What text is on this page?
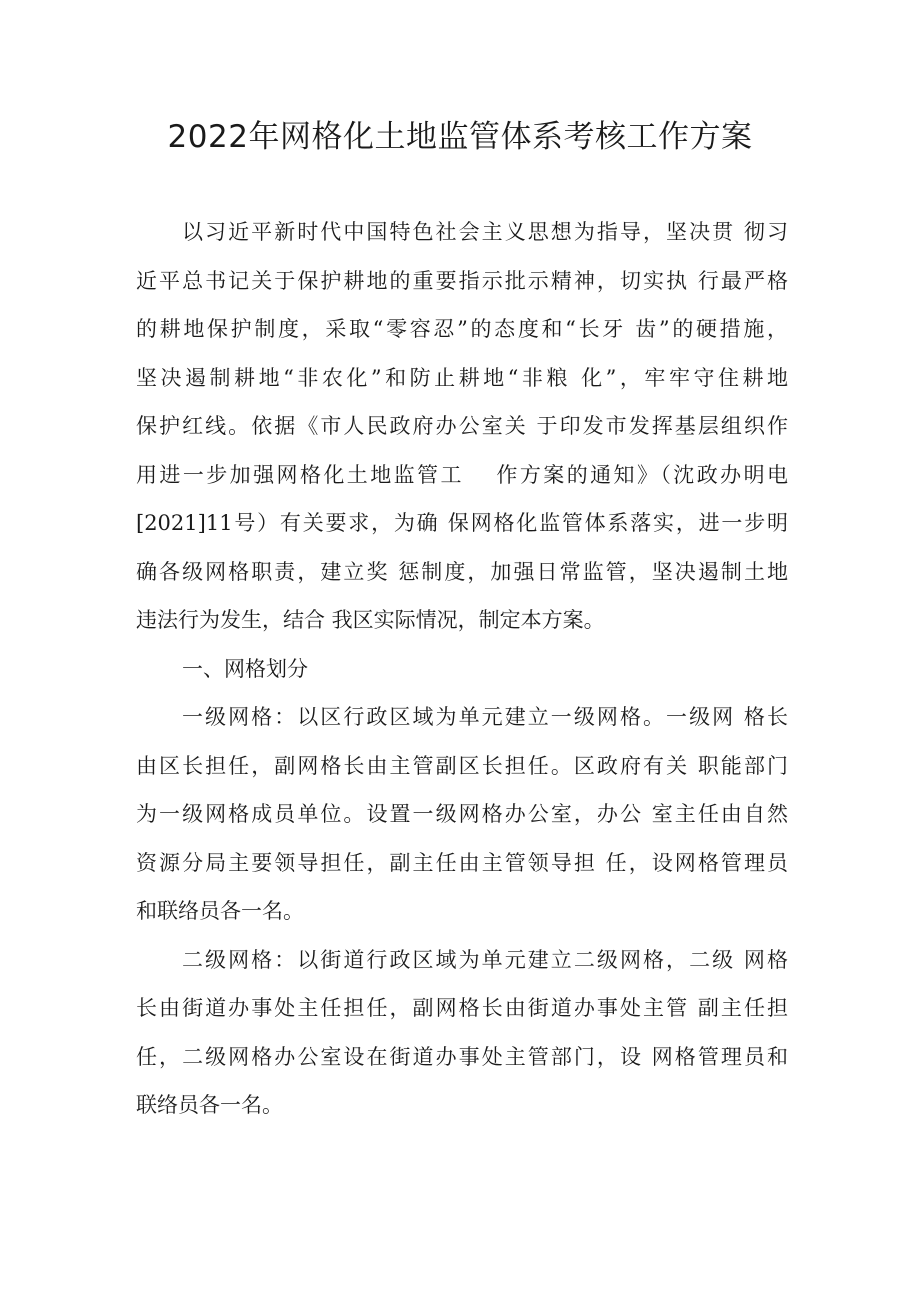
2022年网格化土地监管体系考核工作方案
以习近平新时代中国特色社会主义思想为指导，坚决贯 彻习
近平总书记关于保护耕地的重要指示批示精神，切实执 行最严格
的耕地保护制度，采取“零容忍”的态度和“长牙 齿”的硬措施，
坚决遏制耕地“非农化”和防止耕地“非粮 化”，牢牢守住耕地
保护红线。依据《市人民政府办公室关 于印发市发挥基层组织作
用进一步加强网格化土地监管工　 作方案的通知》（沈政办明电
[2021]11号）有关要求，为确 保网格化监管体系落实，进一步明
确各级网格职责，建立奖 惩制度，加强日常监管，坚决遏制土地
违法行为发生，结合 我区实际情况，制定本方案。
一、网格划分
一级网格：以区行政区域为单元建立一级网格。一级网 格长
由区长担任，副网格长由主管副区长担任。区政府有关 职能部门
为一级网格成员单位。设置一级网格办公室，办公 室主任由自然
资源分局主要领导担任，副主任由主管领导担 任，设网格管理员
和联络员各一名。
二级网格：以街道行政区域为单元建立二级网格，二级 网格
长由街道办事处主任担任，副网格长由街道办事处主管 副主任担
任，二级网格办公室设在街道办事处主管部门，设 网格管理员和
联络员各一名。
